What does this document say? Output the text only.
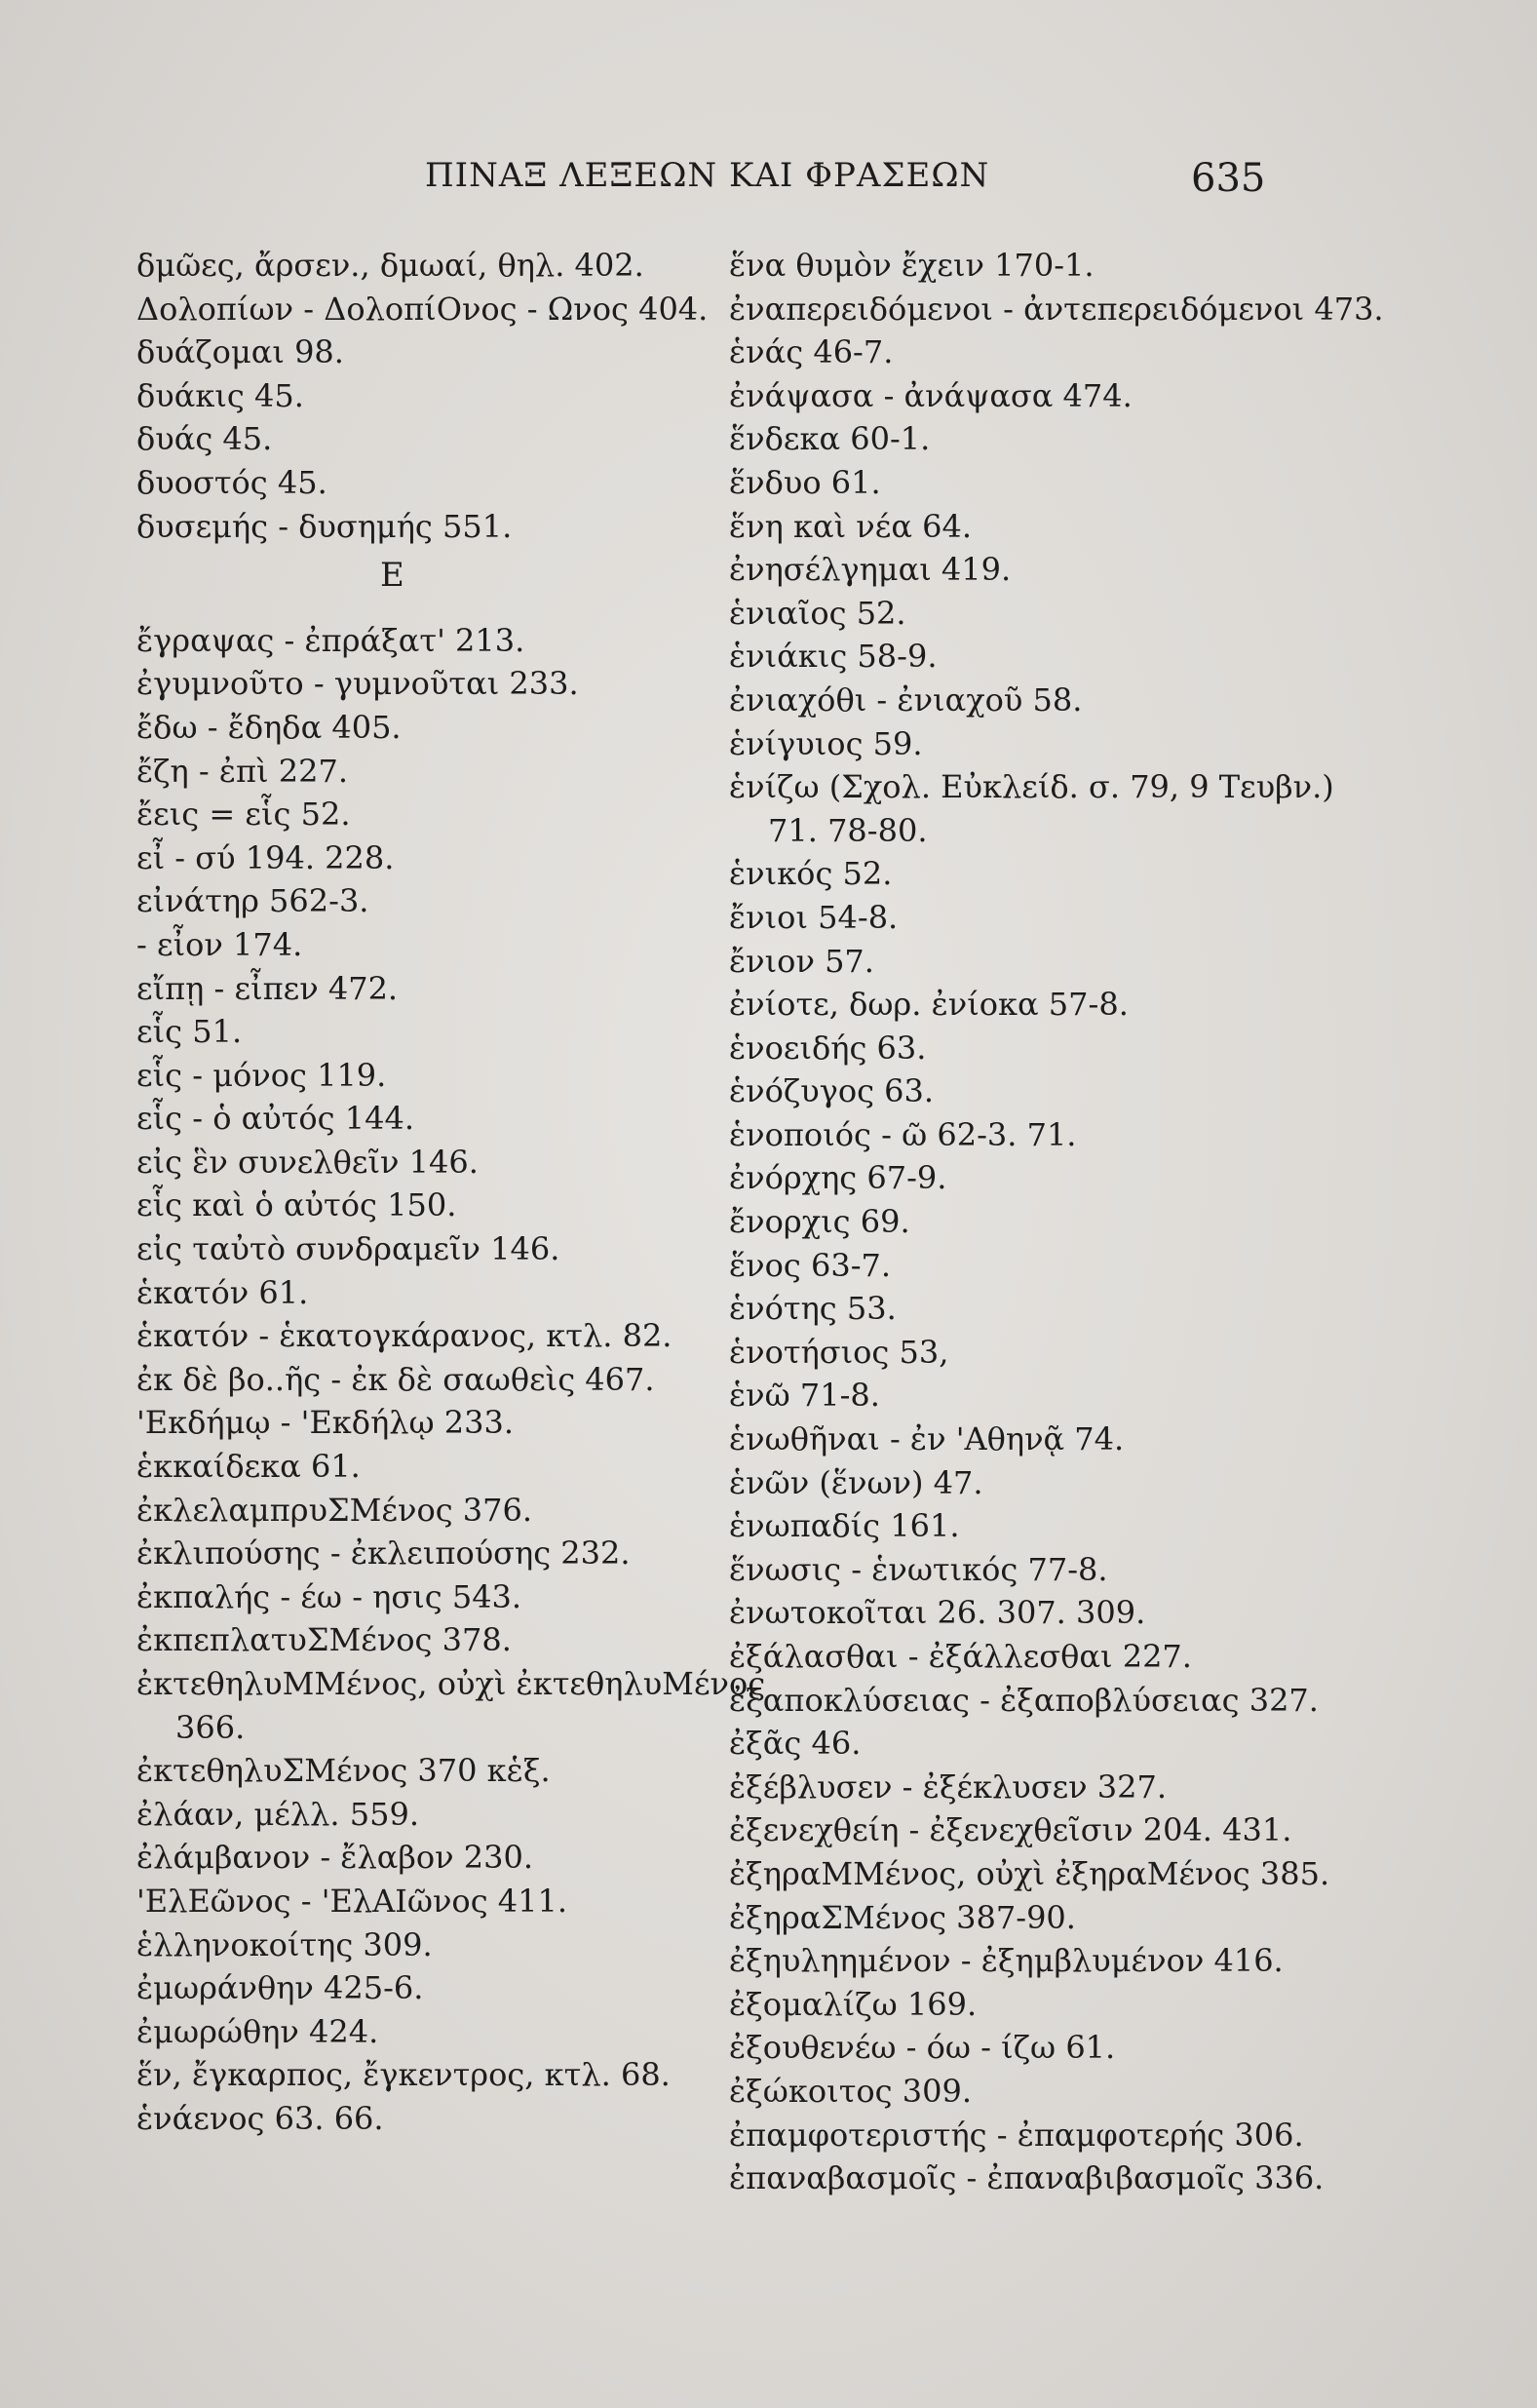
ΠΙΝΑΞ ΛΕΞΕΩΝ ΚΑΙ ΦΡΑΣΕΩΝ	635
δμῶες, ἄρσεν., δμωαί, θηλ. 402.
Δολοπίων - ΔολοπίΟνος - Ωνος 404.
δυάζομαι 98.
δυάκις 45.
δυάς 45.
δυοστός 45.
δυσεμής - δυσημής 551.
Ε
ἔγραψας - ἐπράξατ' 213.
ἐγυμνοῦτο - γυμνοῦται 233.
ἔδω - ἔδηδα 405.
ἔζη - ἐπὶ 227.
ἔεις = εἷς 52.
εἶ - σύ 194. 228.
εἰνάτηρ 562-3.
- εἶον 174.
εἴπῃ - εἶπεν 472.
εἷς 51.
εἷς - μόνος 119.
εἷς - ὁ αὐτός 144.
εἰς ἓν συνελθεῖν 146.
εἷς καὶ ὁ αὐτός 150.
εἰς ταὐτὸ συνδραμεῖν 146.
ἑκατόν 61.
ἑκατόν - ἑκατογκάρανος, κτλ. 82.
ἐκ δὲ βο..ῆς - ἐκ δὲ σαωθεὶς 467.
'Εκδήμῳ - 'Εκδήλῳ 233.
ἑκκαίδεκα 61.
ἐκλελαμπρυΣΜένος 376.
ἐκλιπούσης - ἐκλειπούσης 232.
ἐκπαλής - έω - ησις 543.
ἐκπεπλατυΣΜένος 378.
ἐκτεθηλυΜΜένος, οὐχὶ ἐκτεθηλυΜένος
366.
ἐκτεθηλυΣΜένος 370 κἑξ.
ἐλάαν, μέλλ. 559.
ἐλάμβανον - ἔλαβον 230.
'ΕλΕῶνος - 'ΕλΑΙῶνος 411.
ἑλληνοκοίτης 309.
ἐμωράνθην 425-6.
ἐμωρώθην 424.
ἕν, ἔγκαρπος, ἔγκεντρος, κτλ. 68.
ἑνάενος 63. 66.
ἕνα θυμὸν ἔχειν 170-1.
ἐναπερειδόμενοι - ἀντεπερειδόμενοι 473.
ἑνάς 46-7.
ἐνάψασα - ἀνάψασα 474.
ἕνδεκα 60-1.
ἕνδυο 61.
ἕνη καὶ νέα 64.
ἐνησέλγημαι 419.
ἑνιαῖος 52.
ἑνιάκις 58-9.
ἐνιαχόθι - ἐνιαχοῦ 58.
ἑνίγυιος 59.
ἑνίζω (Σχολ. Εὐκλείδ. σ. 79, 9 Τευβν.)
71. 78-80.
ἑνικός 52.
ἔνιοι 54-8.
ἔνιον 57.
ἐνίοτε, δωρ. ἐνίοκα 57-8.
ἑνοειδής 63.
ἑνόζυγος 63.
ἑνοποιός - ῶ 62-3. 71.
ἐνόρχης 67-9.
ἔνορχις 69.
ἕνος 63-7.
ἑνότης 53.
ἑνοτήσιος 53,
ἑνῶ 71-8.
ἑνωθῆναι - ἐν 'Αθηνᾷ 74.
ἑνῶν (ἕνων) 47.
ἑνωπαδίς 161.
ἕνωσις - ἑνωτικός 77-8.
ἐνωτοκοῖται 26. 307. 309.
ἐξάλασθαι - ἐξάλλεσθαι 227.
ἐξαποκλύσειας - ἐξαποβλύσειας 327.
ἐξᾶς 46.
ἐξέβλυσεν - ἐξέκλυσεν 327.
ἐξενεχθείη - ἐξενεχθεῖσιν 204. 431.
ἐξηραΜΜένος, οὐχὶ ἐξηραΜένος 385.
ἐξηραΣΜένος 387-90.
ἐξηυληημένον - ἐξημβλυμένον 416.
ἐξομαλίζω 169.
ἐξουθενέω - όω - ίζω 61.
ἐξώκοιτος 309.
ἐπαμφοτεριστής - ἐπαμφοτερής 306.
ἐπαναβασμοῖς - ἐπαναβιβασμοῖς 336.
